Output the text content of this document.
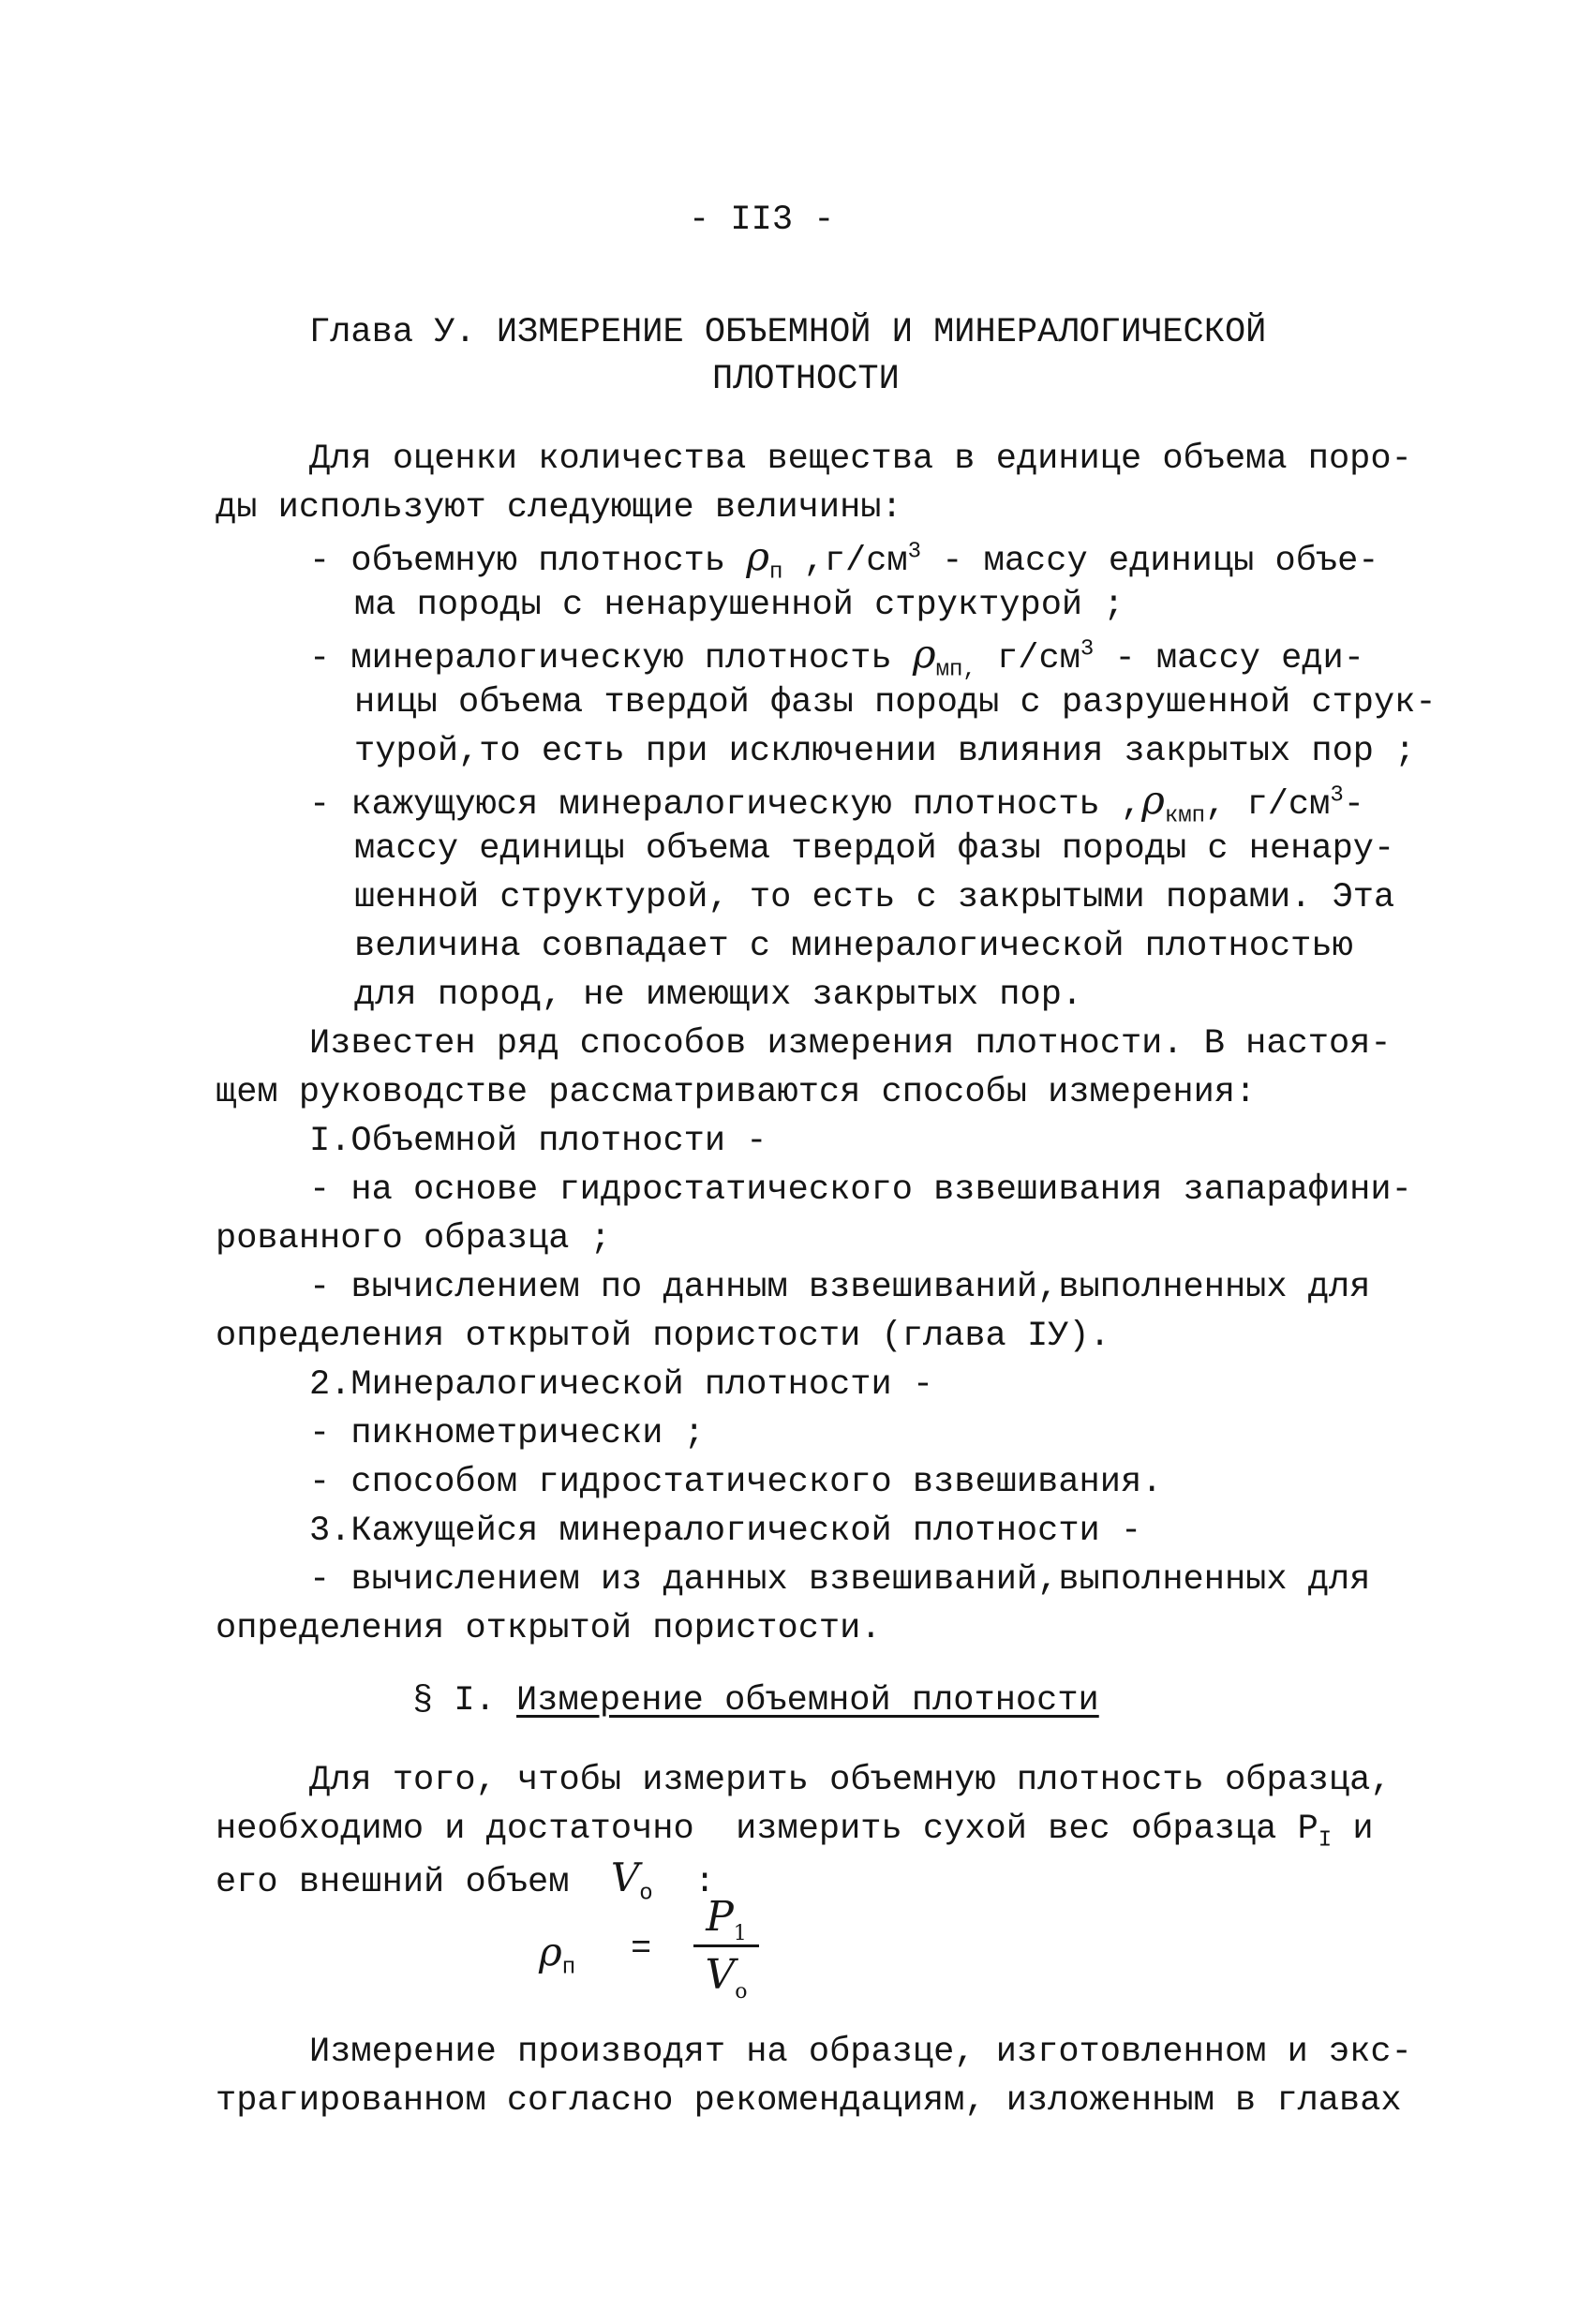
- II3 -
Глава У. ИЗМЕРЕНИЕ ОБЪЕМНОЙ И МИНЕРАЛОГИЧЕСКОЙ
ПЛОТНОСТИ
Для оценки количества вещества в единице объема поро-
ды используют следующие величины:
- объемную плотность $\rho_п$ $,г/см^3$ - массу единицы объе-
ма породы с ненарушенной структурой ;
- минералогическую плотность $\rho_{мп,}$ $г/см^3$ - массу еди-
ницы объема твердой фазы породы с разрушенной струк-
турой,то есть при исключении влияния закрытых пор ;
- кажущуюся минералогическую плотность $,\rho_{кмп}$, $г/см^3-$
массу единицы объема твердой фазы породы с ненару-
шенной структурой, то есть с закрытыми порами. Эта
величина совпадает с минералогической плотностью
для пород, не имеющих закрытых пор.
Известен ряд способов измерения плотности. В настоя-
щем руководстве рассматриваются способы измерения:
I.Объемной плотности -
- на основе гидростатического взвешивания запарафини-
рованного образца ;
- вычислением по данным взвешиваний,выполненных для
определения открытой пористости (глава IУ).
2.Минералогической плотности -
- пикнометрически ;
- способом гидростатического взвешивания.
3.Кажущейся минералогической плотности -
- вычислением из данных взвешиваний,выполненных для
определения открытой пористости.
§ I. Измерение объемной плотности
Для того, чтобы измерить объемную плотность образца,
необходимо и достаточно  измерить сухой вес образца $P_I$ и
его внешний объем  $V_o$  :
$\rho_п$ =
$P_1$
$V_o$
Измерение производят на образце, изготовленном и экс-
трагированном согласно рекомендациям, изложенным в главах
